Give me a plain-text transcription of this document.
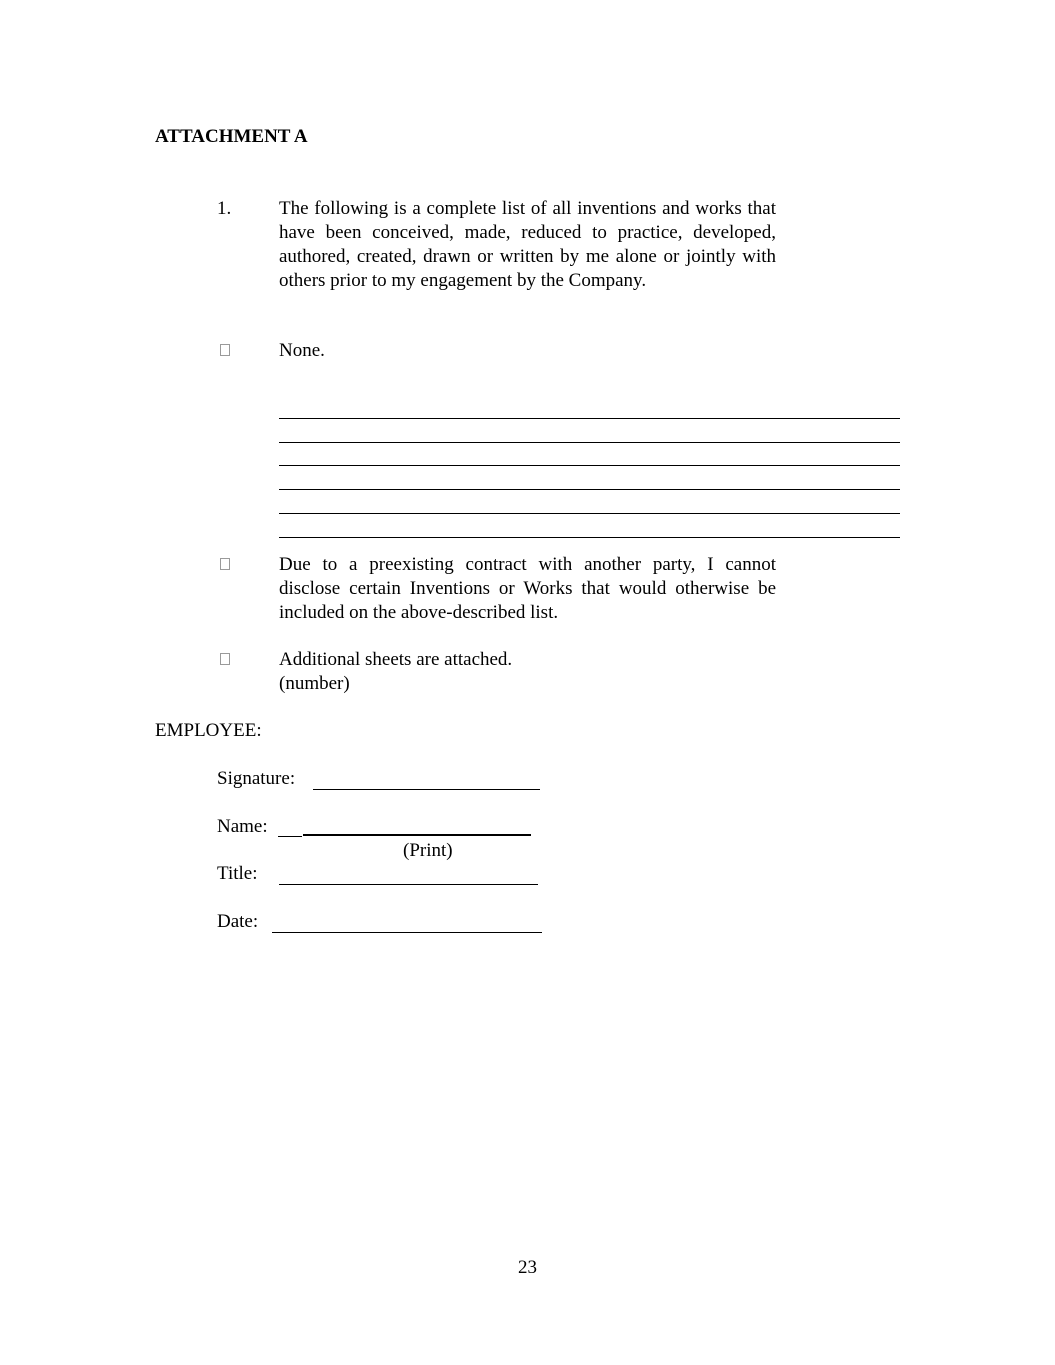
ATTACHMENT A
1.	The following is a complete list of all inventions and works that have been conceived, made, reduced to practice, developed, authored, created, drawn or written by me alone or jointly with others prior to my engagement by the Company.
None.
Due to a preexisting contract with another party, I cannot disclose certain Inventions or Works that would otherwise be included on the above-described list.
Additional sheets are attached.
(number)
EMPLOYEE:
Signature:
Name:
(Print)
Title:
Date:
23
